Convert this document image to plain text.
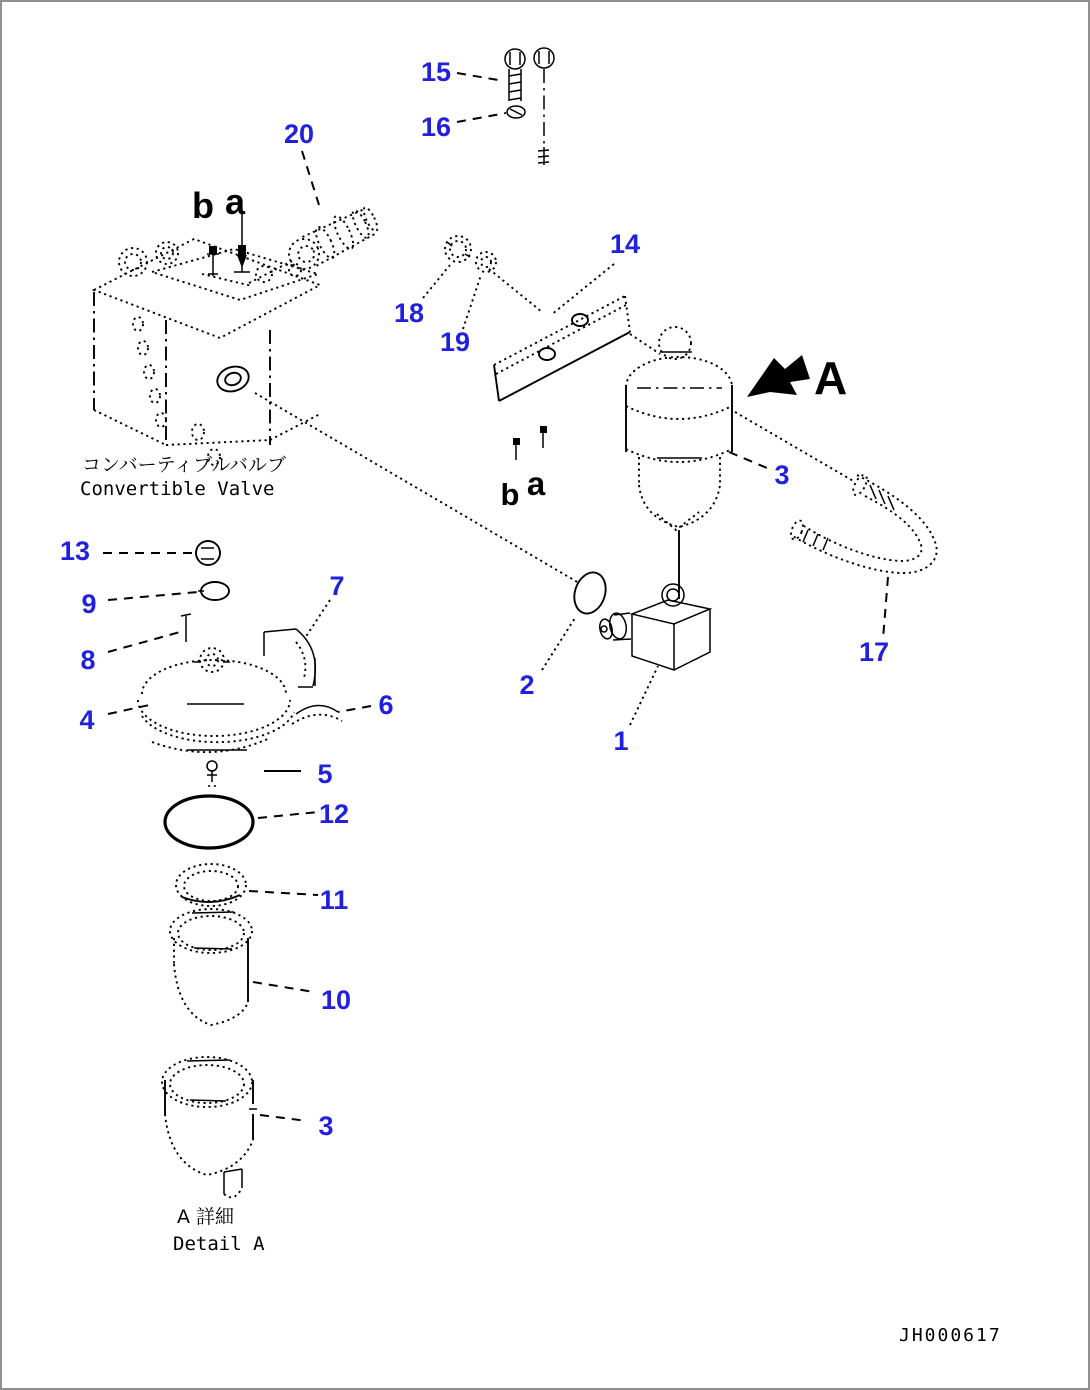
15
16
20
18
19
14
3
17
2
1
13
9
8
4
7
6
5
12
11
10
3
b a
b a
A
コンバーティブルバルブ
Convertible Valve
A 詳細
Detail A
JH000617
